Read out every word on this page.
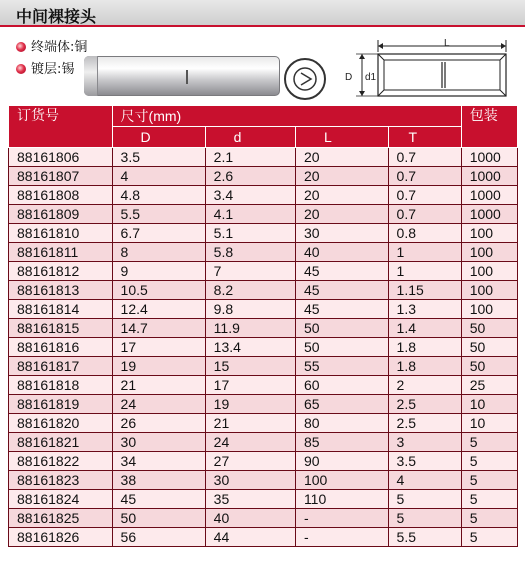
中间裸接头
终端体:铜
镀层:锡
L
D d1
订货号	尺寸(mm)				包装
	D	d	L	T	
88161806	3.5	2.1	20	0.7	1000
88161807	4	2.6	20	0.7	1000
88161808	4.8	3.4	20	0.7	1000
88161809	5.5	4.1	20	0.7	1000
88161810	6.7	5.1	30	0.8	100
88161811	8	5.8	40	1	100
88161812	9	7	45	1	100
88161813	10.5	8.2	45	1.15	100
88161814	12.4	9.8	45	1.3	100
88161815	14.7	11.9	50	1.4	50
88161816	17	13.4	50	1.8	50
88161817	19	15	55	1.8	50
88161818	21	17	60	2	25
88161819	24	19	65	2.5	10
88161820	26	21	80	2.5	10
88161821	30	24	85	3	5
88161822	34	27	90	3.5	5
88161823	38	30	100	4	5
88161824	45	35	110	5	5
88161825	50	40	-	5	5
88161826	56	44	-	5.5	5
